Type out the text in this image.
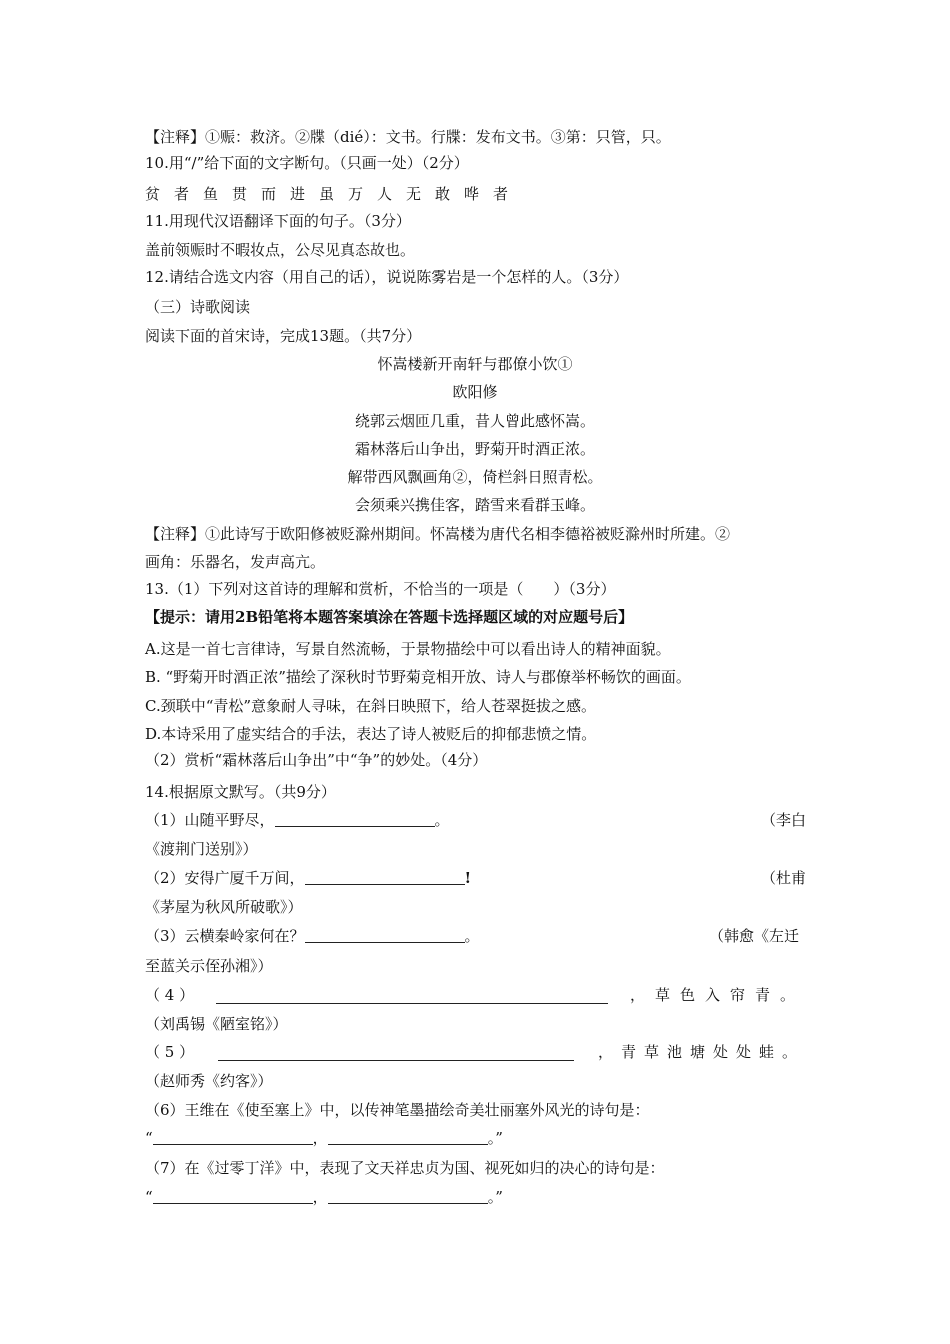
【注释】①赈：救济。②牒（dié）：文书。行牒：发布文书。③第：只管，只。
10.用“/”给下面的文字断句。（只画一处）（2分）
贫 者 鱼 贯 而 进 虽 万 人 无 敢 哗 者
11.用现代汉语翻译下面的句子。（3分）
盖前领赈时不暇妆点，公尽见真态故也。
12.请结合选文内容（用自己的话），说说陈雾岩是一个怎样的人。（3分）
（三）诗歌阅读
阅读下面的首宋诗，完成13题。（共7分）
怀嵩楼新开南轩与郡僚小饮①
欧阳修
绕郭云烟匝几重，昔人曾此感怀嵩。
霜林落后山争出，野菊开时酒正浓。
解带西风飘画角②，倚栏斜日照青松。
会须乘兴携佳客，踏雪来看群玉峰。
【注释】①此诗写于欧阳修被贬滁州期间。怀嵩楼为唐代名相李德裕被贬滁州时所建。②
画角：乐器名，发声高亢。
13.（1）下列对这首诗的理解和赏析，不恰当的一项是（　　）（3分）
【提示：请用2B铅笔将本题答案填涂在答题卡选择题区域的对应题号后】
A.这是一首七言律诗，写景自然流畅，于景物描绘中可以看出诗人的精神面貌。
B. “野菊开时酒正浓”描绘了深秋时节野菊竞相开放、诗人与郡僚举杯畅饮的画面。
C.颈联中“青松”意象耐人寻味，在斜日映照下，给人苍翠挺拔之感。
D.本诗采用了虚实结合的手法，表达了诗人被贬后的抑郁悲愤之情。
（2）赏析“霜林落后山争出”中“争”的妙处。（4分）
14.根据原文默写。（共9分）
（1）山随平野尽，	。	（李白
《渡荆门送别》）
（2）安得广厦千万间，	!	（杜甫
《茅屋为秋风所破歌》）
（3）云横秦岭家何在？	。	（韩愈《左迁
至蓝关示侄孙湘》）
（ 4 ）	，草色入帘青。
（刘禹锡《陋室铭》）
（ 5 ）	，青草池塘处处蛙。
（赵师秀《约客》）
（6）王维在《使至塞上》中，以传神笔墨描绘奇美壮丽塞外风光的诗句是：
“	，	。”
（7）在《过零丁洋》中，表现了文天祥忠贞为国、视死如归的决心的诗句是：
“	，	。”
